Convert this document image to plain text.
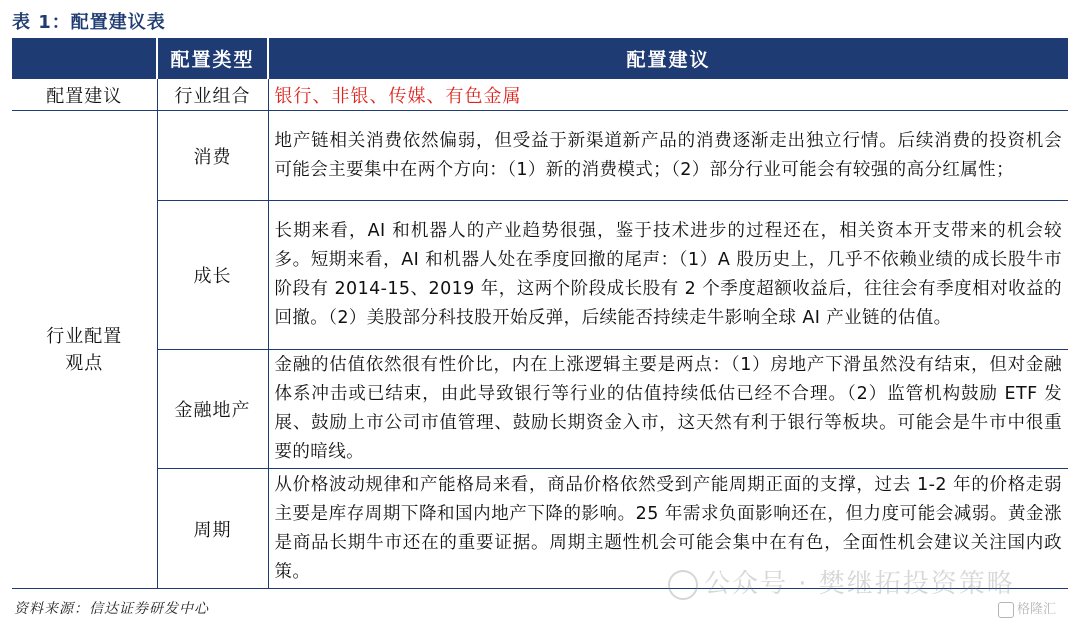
表 1：配置建议表
	配置类型	配置建议
配置建议	行业组合	银行、非银、传媒、有色金属

行业配置
观点	消费	地产链相关消费依然偏弱，但受益于新渠道新产品的消费逐渐走出独立行情。后续消费的投资机会可能会主要集中在两个方向：（1）新的消费模式；（2）部分行业可能会有较强的高分红属性；
	成长	长期来看，AI 和机器人的产业趋势很强，鉴于技术进步的过程还在，相关资本开支带来的机会较多。短期来看，AI 和机器人处在季度回撤的尾声：（1）A 股历史上，几乎不依赖业绩的成长股牛市阶段有 2014-15、2019 年，这两个阶段成长股有 2 个季度超额收益后，往往会有季度相对收益的回撤。（2）美股部分科技股开始反弹，后续能否持续走牛影响全球 AI 产业链的估值。
	金融地产	金融的估值依然很有性价比，内在上涨逻辑主要是两点：（1）房地产下滑虽然没有结束，但对金融体系冲击或已结束，由此导致银行等行业的估值持续低估已经不合理。（2）监管机构鼓励 ETF 发展、鼓励上市公司市值管理、鼓励长期资金入市，这天然有利于银行等板块。可能会是牛市中很重要的暗线。
	周期	从价格波动规律和产能格局来看，商品价格依然受到产能周期正面的支撑，过去 1-2 年的价格走弱主要是库存周期下降和国内地产下降的影响。25 年需求负面影响还在，但力度可能会减弱。黄金涨是商品长期牛市还在的重要证据。周期主题性机会可能会集中在有色，全面性机会建议关注国内政策。
资料来源：信达证券研发中心
公众号 · 樊继拓投资策略
格隆汇
